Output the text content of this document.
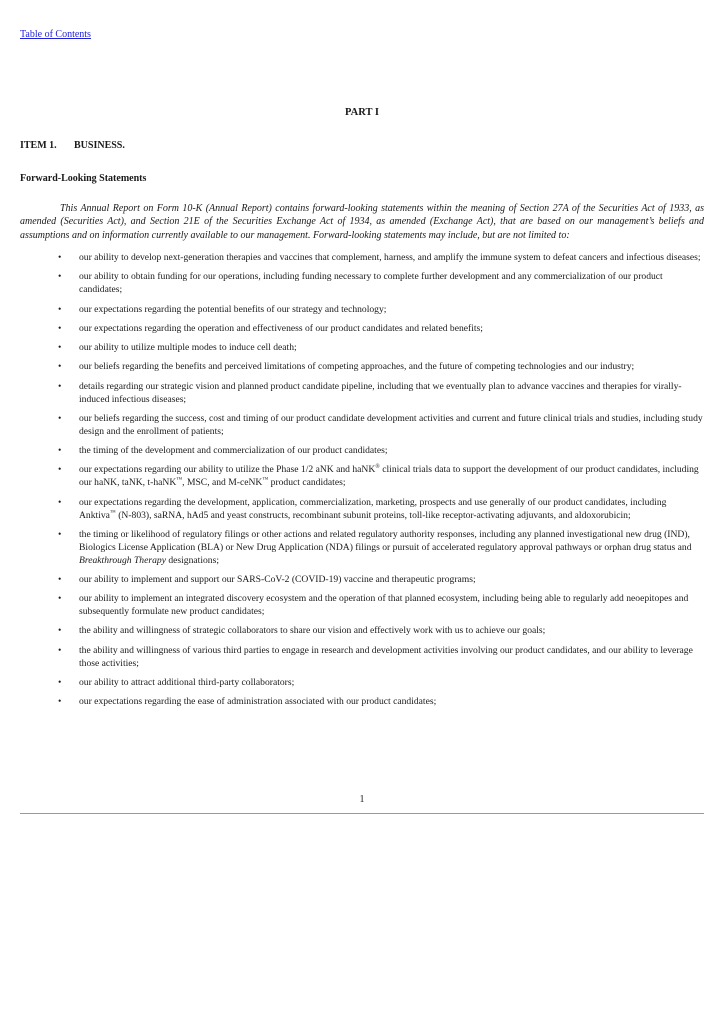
Table of Contents
PART I
ITEM 1. BUSINESS.
Forward-Looking Statements

This Annual Report on Form 10-K (Annual Report) contains forward-looking statements within the meaning of Section 27A of the Securities Act of 1933, as amended (Securities Act), and Section 21E of the Securities Exchange Act of 1934, as amended (Exchange Act), that are based on our management’s beliefs and assumptions and on information currently available to our management. Forward-looking statements may include, but are not limited to:

• our ability to develop next-generation therapies and vaccines that complement, harness, and amplify the immune system to defeat cancers and infectious diseases;
• our ability to obtain funding for our operations, including funding necessary to complete further development and any commercialization of our product candidates;
• our expectations regarding the potential benefits of our strategy and technology;
• our expectations regarding the operation and effectiveness of our product candidates and related benefits;
• our ability to utilize multiple modes to induce cell death;
• our beliefs regarding the benefits and perceived limitations of competing approaches, and the future of competing technologies and our industry;
• details regarding our strategic vision and planned product candidate pipeline, including that we eventually plan to advance vaccines and therapies for virally-induced infectious diseases;
• our beliefs regarding the success, cost and timing of our product candidate development activities and current and future clinical trials and studies, including study design and the enrollment of patients;
• the timing of the development and commercialization of our product candidates;
• our expectations regarding our ability to utilize the Phase 1/2 aNK and haNK® clinical trials data to support the development of our product candidates, including our haNK, taNK, t-haNK™, MSC, and M-ceNK™ product candidates;
• our expectations regarding the development, application, commercialization, marketing, prospects and use generally of our product candidates, including Anktiva™ (N-803), saRNA, hAd5 and yeast constructs, recombinant subunit proteins, toll-like receptor-activating adjuvants, and aldoxorubicin;
• the timing or likelihood of regulatory filings or other actions and related regulatory authority responses, including any planned investigational new drug (IND), Biologics License Application (BLA) or New Drug Application (NDA) filings or pursuit of accelerated regulatory approval pathways or orphan drug status and Breakthrough Therapy designations;
• our ability to implement and support our SARS-CoV-2 (COVID-19) vaccine and therapeutic programs;
• our ability to implement an integrated discovery ecosystem and the operation of that planned ecosystem, including being able to regularly add neoepitopes and subsequently formulate new product candidates;
• the ability and willingness of strategic collaborators to share our vision and effectively work with us to achieve our goals;
• the ability and willingness of various third parties to engage in research and development activities involving our product candidates, and our ability to leverage those activities;
• our ability to attract additional third-party collaborators;
• our expectations regarding the ease of administration associated with our product candidates;
1
